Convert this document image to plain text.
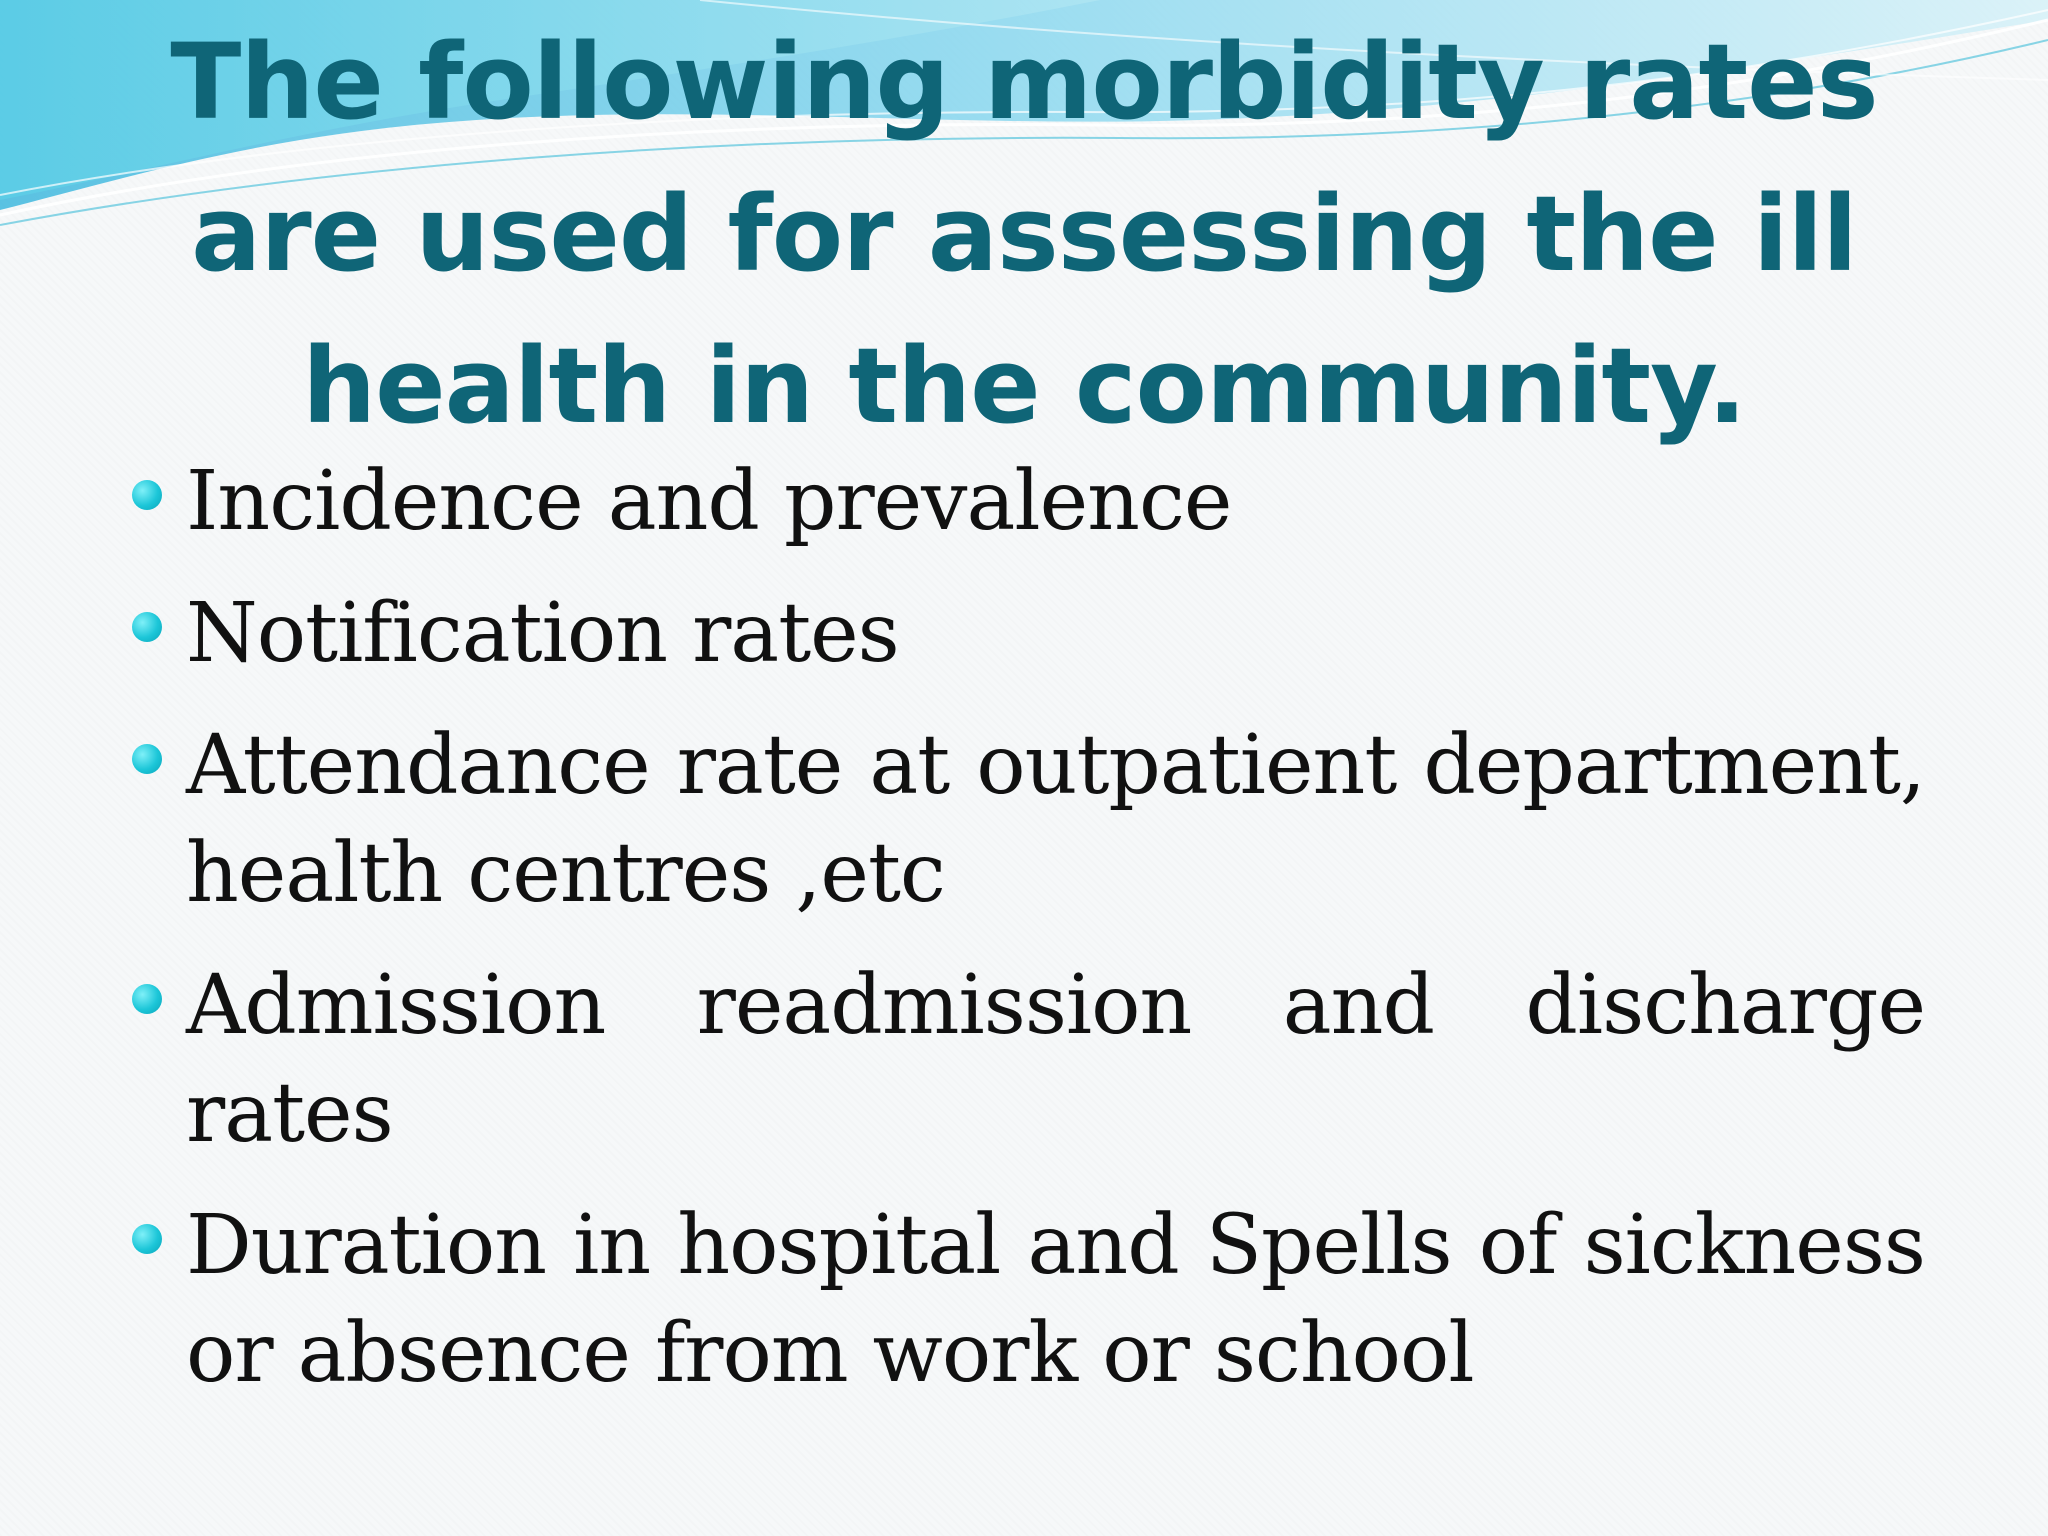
The following morbidity rates are used for assessing the ill health in the community.
Incidence and prevalence
Notification rates
Attendance rate at outpatient department, health centres ,etc
Admission readmission and discharge rates
Duration in hospital and Spells of sickness or absence from work or school
